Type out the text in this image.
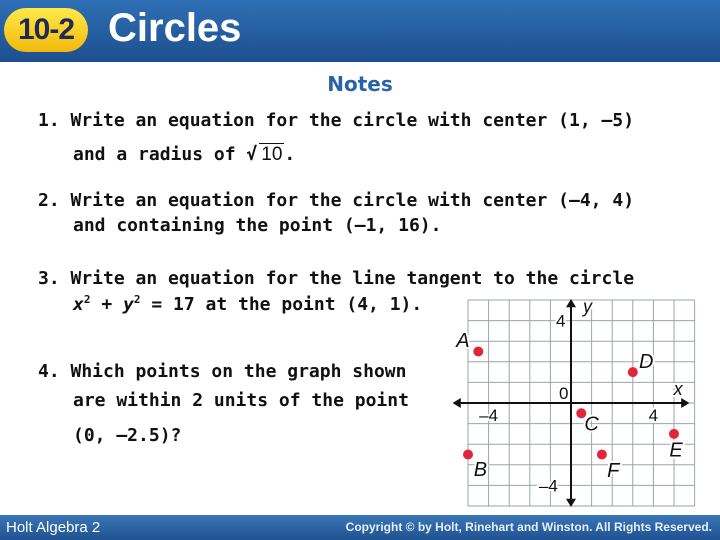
10-2 Circles
Notes
1. Write an equation for the circle with center (1, –5)
and a radius of √ 10 .
2. Write an equation for the circle with center (–4, 4)
and containing the point (–1, 16).
3. Write an equation for the line tangent to the circle
$x^2 + y^2 = 17$ at the point (4, 1).
4. Which points on the graph shown
are within 2 units of the point
(0, –2.5)?
–4
0
4
4
–4
x
y
A
B
C
D
E
F
Holt Algebra 2	Copyright © by Holt, Rinehart and Winston. All Rights Reserved.
